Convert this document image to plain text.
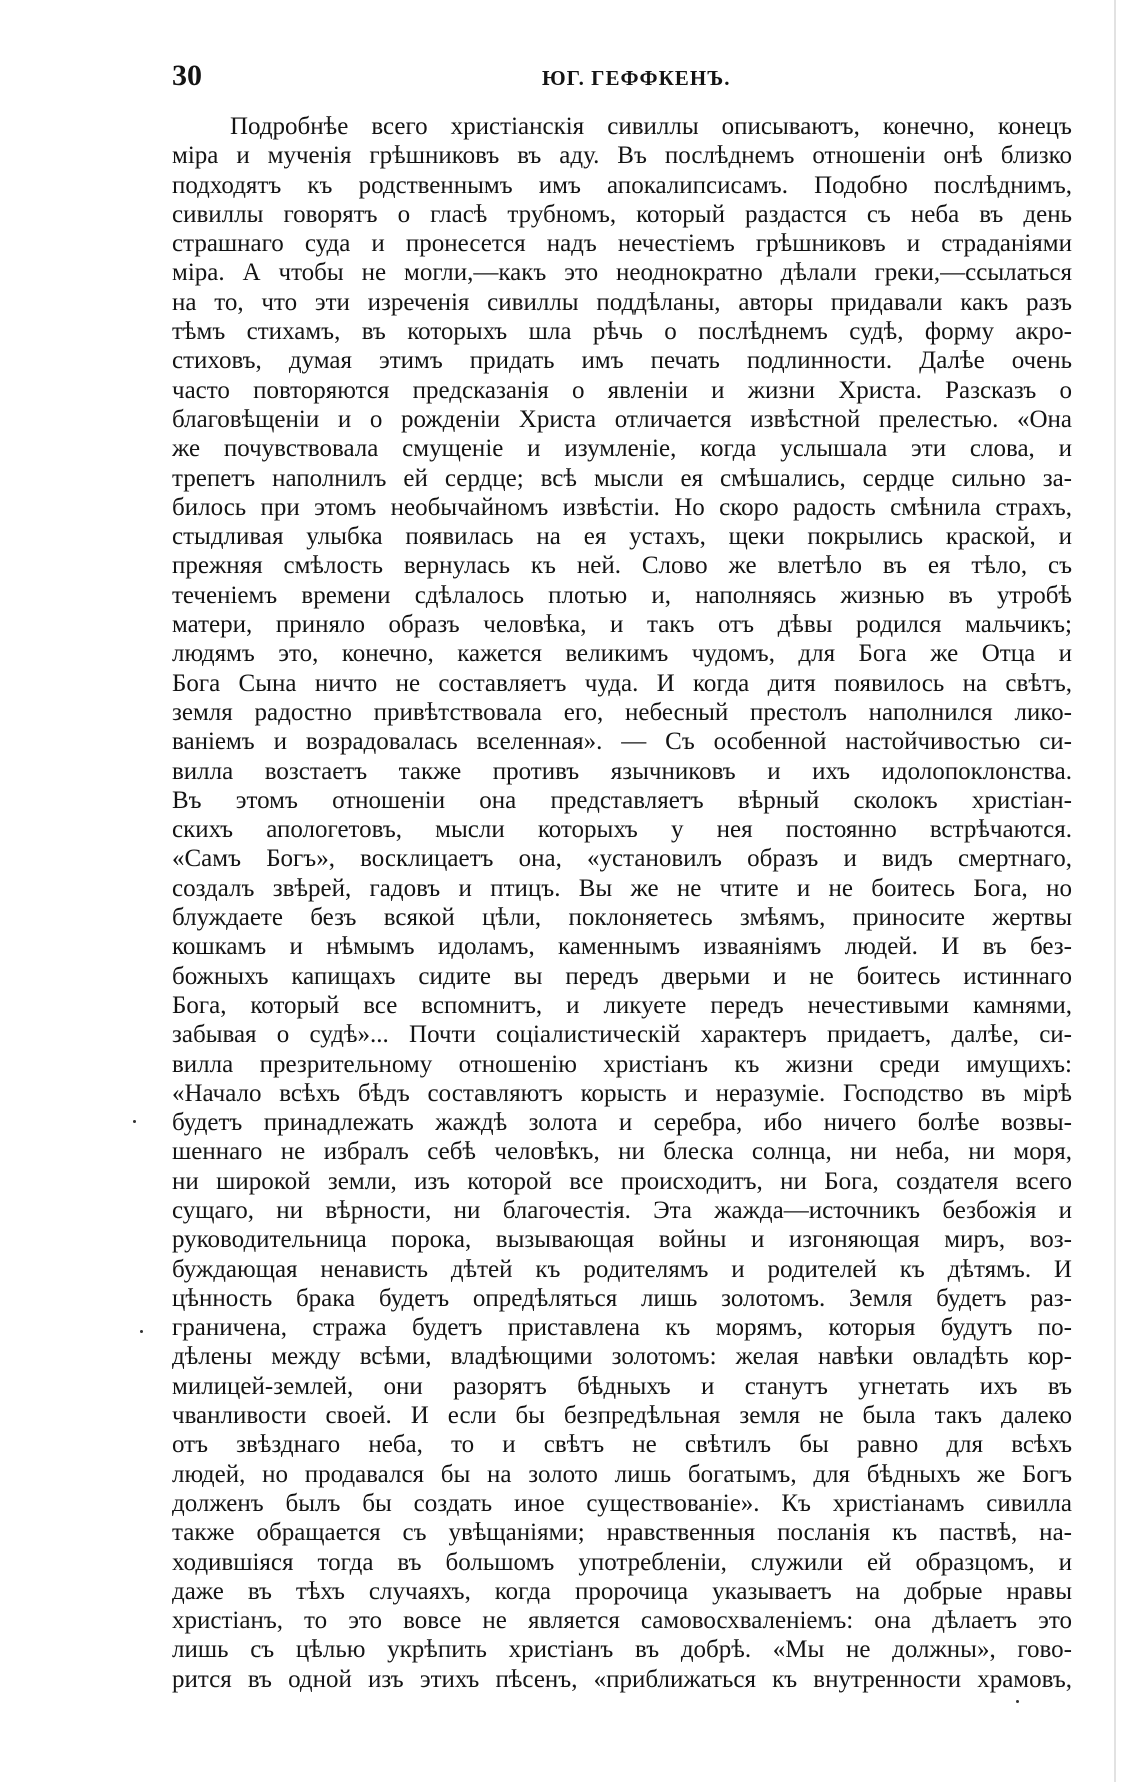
30	ЮГ. ГЕФФКЕНЪ.
Подробнѣе всего христіанскія сивиллы описываютъ, конечно, конецъ
міра и мученія грѣшниковъ въ аду. Въ послѣднемъ отношеніи онѣ близко
подходятъ къ родственнымъ имъ апокалипсисамъ. Подобно послѣднимъ,
сивиллы говорятъ о гласѣ трубномъ, который раздастся съ неба въ день
страшнаго суда и пронесется надъ нечестіемъ грѣшниковъ и страданіями
міра. А чтобы не могли,—какъ это неоднократно дѣлали греки,—ссылаться
на то, что эти изреченія сивиллы поддѣланы, авторы придавали какъ разъ
тѣмъ стихамъ, въ которыхъ шла рѣчь о послѣднемъ судѣ, форму акро-
стиховъ, думая этимъ придать имъ печать подлинности. Далѣе очень
часто повторяются предсказанія о явленіи и жизни Христа. Разсказъ о
благовѣщеніи и о рожденіи Христа отличается извѣстной прелестью. «Она
же почувствовала смущеніе и изумленіе, когда услышала эти слова, и
трепетъ наполнилъ ей сердце; всѣ мысли ея смѣшались, сердце сильно за-
билось при этомъ необычайномъ извѣстіи. Но скоро радость смѣнила страхъ,
стыдливая улыбка появилась на ея устахъ, щеки покрылись краской, и
прежняя смѣлость вернулась къ ней. Слово же влетѣло въ ея тѣло, съ
теченіемъ времени сдѣлалось плотью и, наполняясь жизнью въ утробѣ
матери, приняло образъ человѣка, и такъ отъ дѣвы родился мальчикъ;
людямъ это, конечно, кажется великимъ чудомъ, для Бога же Отца и
Бога Сына ничто не составляетъ чуда. И когда дитя появилось на свѣтъ,
земля радостно привѣтствовала его, небесный престолъ наполнился лико-
ваніемъ и возрадовалась вселенная». — Съ особенной настойчивостью си-
вилла возстаетъ также противъ язычниковъ и ихъ идолопоклонства.
Въ этомъ отношеніи она представляетъ вѣрный сколокъ христіан-
скихъ апологетовъ, мысли которыхъ у нея постоянно встрѣчаются.
«Самъ Богъ», восклицаетъ она, «установилъ образъ и видъ смертнаго,
создалъ звѣрей, гадовъ и птицъ. Вы же не чтите и не боитесь Бога, но
блуждаете безъ всякой цѣли, поклоняетесь змѣямъ, приносите жертвы
кошкамъ и нѣмымъ идоламъ, каменнымъ изваяніямъ людей. И въ без-
божныхъ капищахъ сидите вы передъ дверьми и не боитесь истиннаго
Бога, который все вспомнитъ, и ликуете передъ нечестивыми камнями,
забывая о судѣ»... Почти соціалистическій характеръ придаетъ, далѣе, си-
вилла презрительному отношенію христіанъ къ жизни среди имущихъ:
«Начало всѣхъ бѣдъ составляютъ корысть и неразуміе. Господство въ мірѣ
будетъ принадлежать жаждѣ золота и серебра, ибо ничего болѣе возвы-
шеннаго не избралъ себѣ человѣкъ, ни блеска солнца, ни неба, ни моря,
ни широкой земли, изъ которой все происходитъ, ни Бога, создателя всего
сущаго, ни вѣрности, ни благочестія. Эта жажда—источникъ безбожія и
руководительница порока, вызывающая войны и изгоняющая миръ, воз-
буждающая ненависть дѣтей къ родителямъ и родителей къ дѣтямъ. И
цѣнность брака будетъ опредѣляться лишь золотомъ. Земля будетъ раз-
граничена, стража будетъ приставлена къ морямъ, которыя будутъ по-
дѣлены между всѣми, владѣющими золотомъ: желая навѣки овладѣть кор-
милицей-землей, они разорятъ бѣдныхъ и станутъ угнетать ихъ въ
чванливости своей. И если бы безпредѣльная земля не была такъ далеко
отъ звѣзднаго неба, то и свѣтъ не свѣтилъ бы равно для всѣхъ
людей, но продавался бы на золото лишь богатымъ, для бѣдныхъ же Богъ
долженъ былъ бы создать иное существованіе». Къ христіанамъ сивилла
также обращается съ увѣщаніями; нравственныя посланія къ паствѣ, на-
ходившіяся тогда въ большомъ употребленіи, служили ей образцомъ, и
даже въ тѣхъ случаяхъ, когда пророчица указываетъ на добрые нравы
христіанъ, то это вовсе не является самовосхваленіемъ: она дѣлаетъ это
лишь съ цѣлью укрѣпить христіанъ въ добрѣ. «Мы не должны», гово-
рится въ одной изъ этихъ пѣсенъ, «приближаться къ внутренности храмовъ,
